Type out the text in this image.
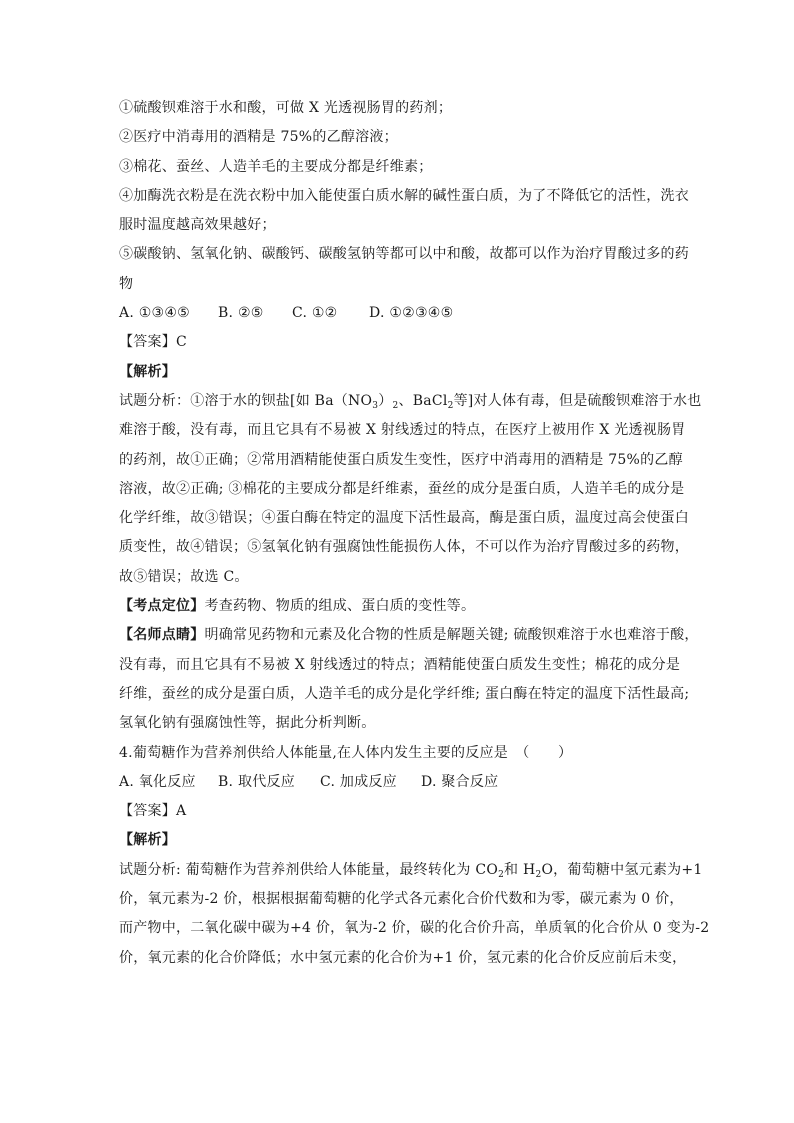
①硫酸钡难溶于水和酸，可做 X 光透视肠胃的药剂；
②医疗中消毒用的酒精是 75%的乙醇溶液；
③棉花、蚕丝、人造羊毛的主要成分都是纤维素；
④加酶洗衣粉是在洗衣粉中加入能使蛋白质水解的碱性蛋白质，为了不降低它的活性，洗衣
服时温度越高效果越好；
⑤碳酸钠、氢氧化钠、碳酸钙、碳酸氢钠等都可以中和酸，故都可以作为治疗胃酸过多的药
物
A. ①③④⑤ B. ②⑤ C. ①② D. ①②③④⑤
【答案】C
【解析】
试题分析：①溶于水的钡盐[如 $Ba(NO_3)_2$、BaCl$_2$等]对人体有毒，但是硫酸钡难溶于水也
难溶于酸，没有毒，而且它具有不易被 X 射线透过的特点，在医疗上被用作 X 光透视肠胃
的药剂，故①正确；②常用酒精能使蛋白质发生变性，医疗中消毒用的酒精是 75%的乙醇
溶液，故②正确; ③棉花的主要成分都是纤维素，蚕丝的成分是蛋白质，人造羊毛的成分是
化学纤维，故③错误；④蛋白酶在特定的温度下活性最高，酶是蛋白质，温度过高会使蛋白
质变性，故④错误；⑤氢氧化钠有强腐蚀性能损伤人体，不可以作为治疗胃酸过多的药物，
故⑤错误；故选 C。
【考点定位】考查药物、物质的组成、蛋白质的变性等。
【名师点睛】明确常见药物和元素及化合物的性质是解题关键; 硫酸钡难溶于水也难溶于酸，
没有毒，而且它具有不易被 X 射线透过的特点；酒精能使蛋白质发生变性；棉花的成分是
纤维，蚕丝的成分是蛋白质，人造羊毛的成分是化学纤维; 蛋白酶在特定的温度下活性最高;
氢氧化钠有强腐蚀性等，据此分析判断。
4.葡萄糖作为营养剂供给人体能量,在人体内发生主要的反应是　（　　）
A. 氧化反应 B. 取代反应 C. 加成反应 D. 聚合反应
【答案】A
【解析】
试题分析: 葡萄糖作为营养剂供给人体能量，最终转化为 $CO_2$和 $H_2O$，葡萄糖中氢元素为+1
价，氧元素为-2 价，根据根据葡萄糖的化学式各元素化合价代数和为零，碳元素为 0 价，
而产物中，二氧化碳中碳为+4 价，氧为-2 价，碳的化合价升高，单质氧的化合价从 0 变为-2
价，氧元素的化合价降低；水中氢元素的化合价为+1 价，氢元素的化合价反应前后未变，
